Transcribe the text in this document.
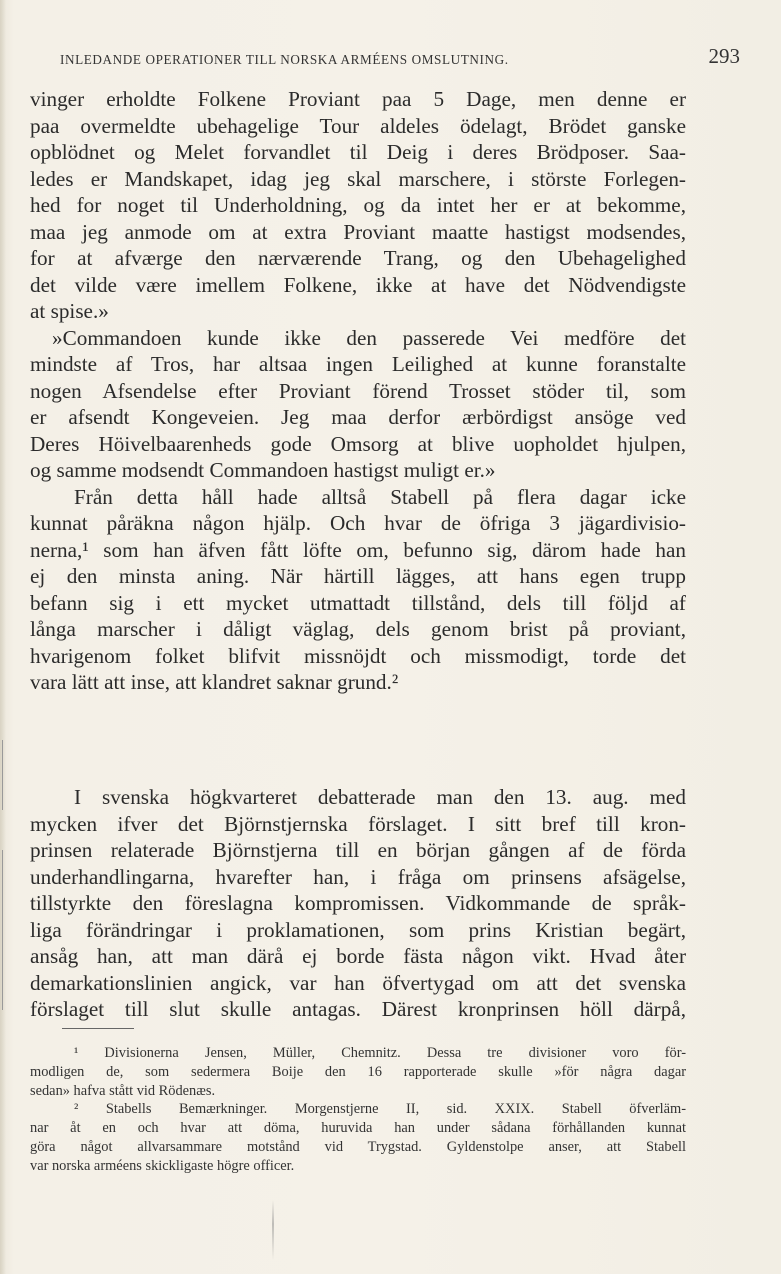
INLEDANDE OPERATIONER TILL NORSKA ARMÉENS OMSLUTNING.	293
vinger erholdte Folkene Proviant paa 5 Dage, men denne er
paa overmeldte ubehagelige Tour aldeles ödelagt, Brödet ganske
opblödnet og Melet forvandlet til Deig i deres Brödposer. Saa-
ledes er Mandskapet, idag jeg skal marschere, i störste Forlegen-
hed for noget til Underholdning, og da intet her er at bekomme,
maa jeg anmode om at extra Proviant maatte hastigst modsendes,
for at afværge den nærværende Trang, og den Ubehagelighed
det vilde være imellem Folkene, ikke at have det Nödvendigste
at spise.»
»Commandoen kunde ikke den passerede Vei medföre det
mindste af Tros, har altsaa ingen Leilighed at kunne foranstalte
nogen Afsendelse efter Proviant förend Trosset stöder til, som
er afsendt Kongeveien. Jeg maa derfor ærbördigst ansöge ved
Deres Höivelbaarenheds gode Omsorg at blive uopholdet hjulpen,
og samme modsendt Commandoen hastigst muligt er.»
Från detta håll hade alltså Stabell på flera dagar icke
kunnat påräkna någon hjälp. Och hvar de öfriga 3 jägardivisio-
nerna,¹ som han äfven fått löfte om, befunno sig, därom hade han
ej den minsta aning. När härtill lägges, att hans egen trupp
befann sig i ett mycket utmattadt tillstånd, dels till följd af
långa marscher i dåligt väglag, dels genom brist på proviant,
hvarigenom folket blifvit missnöjdt och missmodigt, torde det
vara lätt att inse, att klandret saknar grund.²
I svenska högkvarteret debatterade man den 13. aug. med
mycken ifver det Björnstjernska förslaget. I sitt bref till kron-
prinsen relaterade Björnstjerna till en början gången af de förda
underhandlingarna, hvarefter han, i fråga om prinsens afsägelse,
tillstyrkte den föreslagna kompromissen. Vidkommande de språk-
liga förändringar i proklamationen, som prins Kristian begärt,
ansåg han, att man därå ej borde fästa någon vikt. Hvad åter
demarkationslinien angick, var han öfvertygad om att det svenska
förslaget till slut skulle antagas. Därest kronprinsen höll därpå,
¹ Divisionerna Jensen, Müller, Chemnitz. Dessa tre divisioner voro för-
modligen de, som sedermera Boije den 16 rapporterade skulle »för några dagar
sedan» hafva stått vid Rödenæs.
² Stabells Bemærkninger. Morgenstjerne II, sid. XXIX. Stabell öfverläm-
nar åt en och hvar att döma, huruvida han under sådana förhållanden kunnat
göra något allvarsammare motstånd vid Trygstad. Gyldenstolpe anser, att Stabell
var norska arméens skickligaste högre officer.
